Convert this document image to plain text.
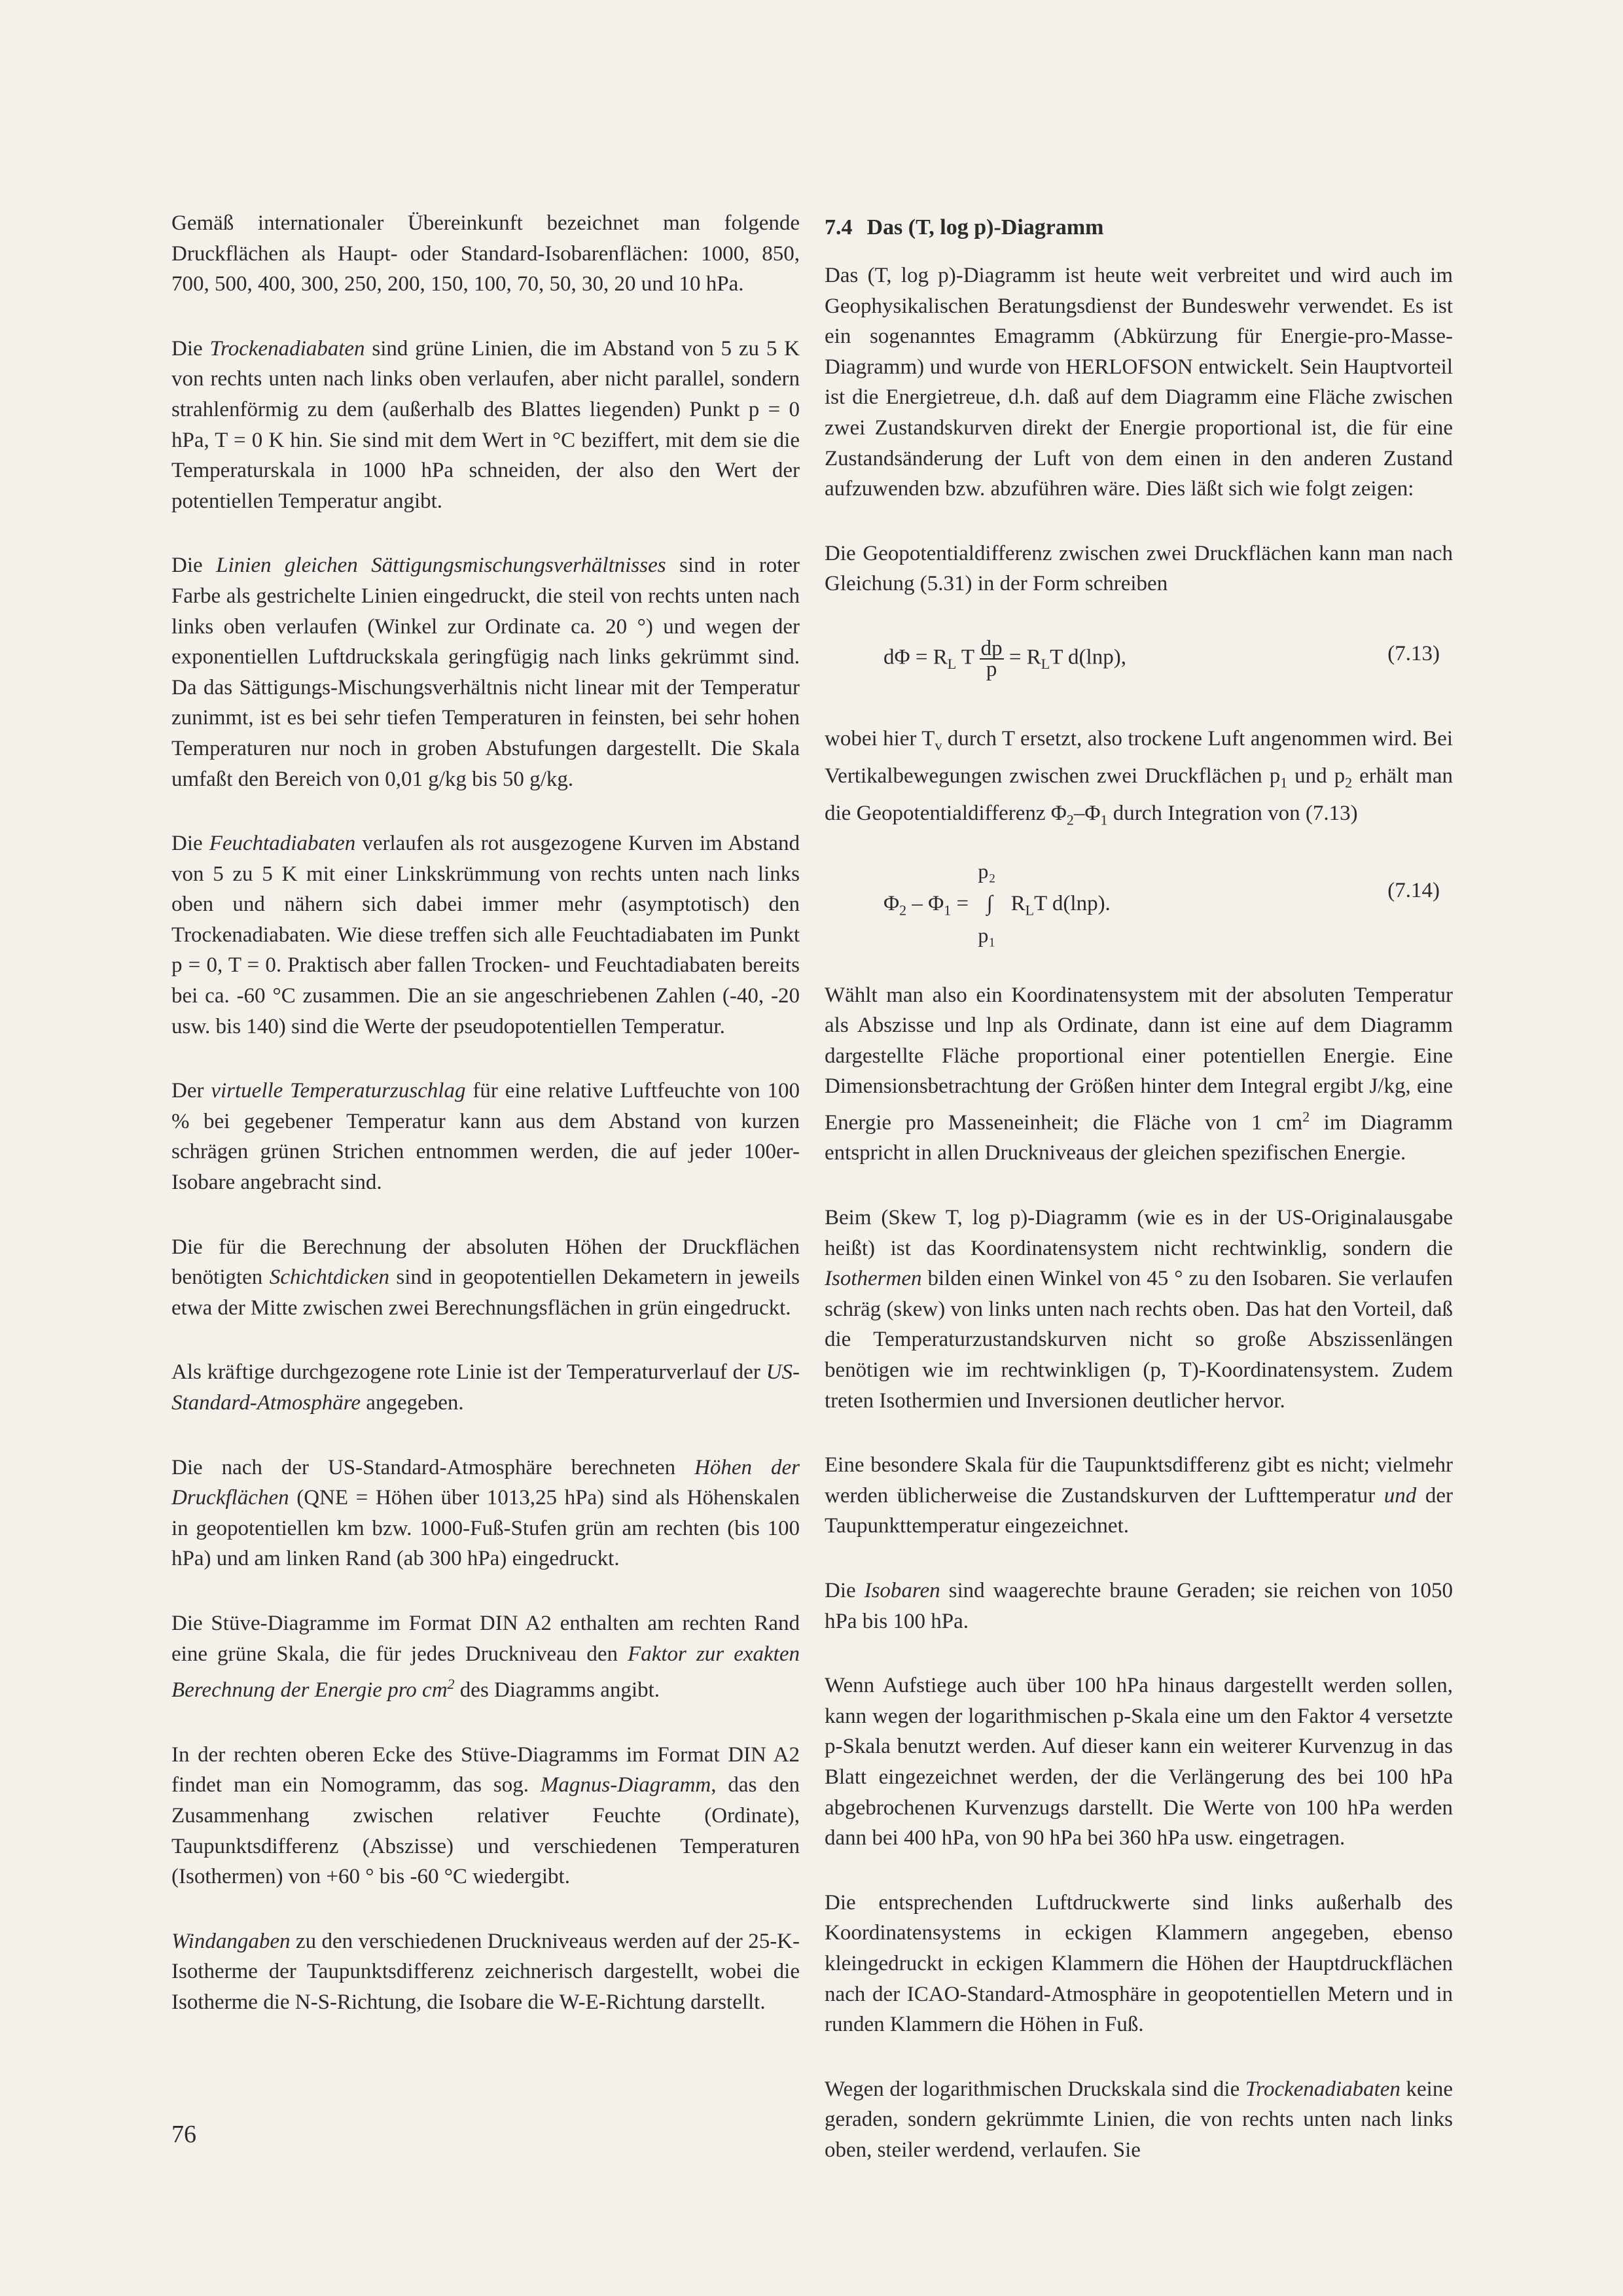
Gemäß internationaler Übereinkunft bezeichnet man folgende Druckflächen als Haupt- oder Standard-Isobarenflächen: 1000, 850, 700, 500, 400, 300, 250, 200, 150, 100, 70, 50, 30, 20 und 10 hPa.

Die Trockenadiabaten sind grüne Linien, die im Abstand von 5 zu 5 K von rechts unten nach links oben verlaufen, aber nicht parallel, sondern strahlenförmig zu dem (außerhalb des Blattes liegenden) Punkt p = 0 hPa, T = 0 K hin. Sie sind mit dem Wert in °C beziffert, mit dem sie die Temperaturskala in 1000 hPa schneiden, der also den Wert der potentiellen Temperatur angibt.

Die Linien gleichen Sättigungsmischungsverhältnisses sind in roter Farbe als gestrichelte Linien eingedruckt, die steil von rechts unten nach links oben verlaufen (Winkel zur Ordinate ca. 20 °) und wegen der exponentiellen Luftdruckskala geringfügig nach links gekrümmt sind. Da das Sättigungs-Mischungsverhältnis nicht linear mit der Temperatur zunimmt, ist es bei sehr tiefen Temperaturen in feinsten, bei sehr hohen Temperaturen nur noch in groben Abstufungen dargestellt. Die Skala umfaßt den Bereich von 0,01 g/kg bis 50 g/kg.

Die Feuchtadiabaten verlaufen als rot ausgezogene Kurven im Abstand von 5 zu 5 K mit einer Linkskrümmung von rechts unten nach links oben und nähern sich dabei immer mehr (asymptotisch) den Trockenadiabaten. Wie diese treffen sich alle Feuchtadiabaten im Punkt p = 0, T = 0. Praktisch aber fallen Trocken- und Feuchtadiabaten bereits bei ca. -60 °C zusammen. Die an sie angeschriebenen Zahlen (-40, -20 usw. bis 140) sind die Werte der pseudopotentiellen Temperatur.

Der virtuelle Temperaturzuschlag für eine relative Luftfeuchte von 100 % bei gegebener Temperatur kann aus dem Abstand von kurzen schrägen grünen Strichen entnommen werden, die auf jeder 100er-Isobare angebracht sind.

Die für die Berechnung der absoluten Höhen der Druckflächen benötigten Schichtdicken sind in geopotentiellen Dekametern in jeweils etwa der Mitte zwischen zwei Berechnungsflächen in grün eingedruckt.

Als kräftige durchgezogene rote Linie ist der Temperaturverlauf der US-Standard-Atmosphäre angegeben.

Die nach der US-Standard-Atmosphäre berechneten Höhen der Druckflächen (QNE = Höhen über 1013,25 hPa) sind als Höhenskalen in geopotentiellen km bzw. 1000-Fuß-Stufen grün am rechten (bis 100 hPa) und am linken Rand (ab 300 hPa) eingedruckt.

Die Stüve-Diagramme im Format DIN A2 enthalten am rechten Rand eine grüne Skala, die für jedes Druckniveau den Faktor zur exakten Berechnung der Energie pro $cm^2$ des Diagramms angibt.

In der rechten oberen Ecke des Stüve-Diagramms im Format DIN A2 findet man ein Nomogramm, das sog. Magnus-Diagramm, das den Zusammenhang zwischen relativer Feuchte (Ordinate), Taupunktsdifferenz (Abszisse) und verschiedenen Temperaturen (Isothermen) von +60 ° bis -60 °C wiedergibt.

Windangaben zu den verschiedenen Druckniveaus werden auf der 25-K-Isotherme der Taupunktsdifferenz zeichnerisch dargestellt, wobei die Isotherme die N-S-Richtung, die Isobare die W-E-Richtung darstellt.

7.4 Das (T, log p)-Diagramm

Das (T, log p)-Diagramm ist heute weit verbreitet und wird auch im Geophysikalischen Beratungsdienst der Bundeswehr verwendet. Es ist ein sogenanntes Emagramm (Abkürzung für Energie-pro-Masse-Diagramm) und wurde von HERLOFSON entwickelt. Sein Hauptvorteil ist die Energietreue, d.h. daß auf dem Diagramm eine Fläche zwischen zwei Zustandskurven direkt der Energie proportional ist, die für eine Zustandsänderung der Luft von dem einen in den anderen Zustand aufzuwenden bzw. abzuführen wäre. Dies läßt sich wie folgt zeigen:

Die Geopotentialdifferenz zwischen zwei Druckflächen kann man nach Gleichung (5.31) in der Form schreiben

$d\Phi = R_L$ T $\frac{dp}{p} = R_LT$ d(lnp),	(7.13)

wobei hier $T_v$ durch T ersetzt, also trockene Luft angenommen wird. Bei Vertikalbewegungen zwischen zwei Druckflächen $p_1$ und $p_2$ erhält man die Geopotentialdifferenz $\Phi_2-\Phi_1$ durch Integration von (7.13)

$\Phi_2 - \Phi_1$ =
p₂
∫
p₁
$R_LT$ d(lnp).
(7.14)

Wählt man also ein Koordinatensystem mit der absoluten Temperatur als Abszisse und lnp als Ordinate, dann ist eine auf dem Diagramm dargestellte Fläche proportional einer potentiellen Energie. Eine Dimensionsbetrachtung der Größen hinter dem Integral ergibt J/kg, eine Energie pro Masseneinheit; die Fläche von 1 $cm^2$ im Diagramm entspricht in allen Druckniveaus der gleichen spezifischen Energie.

Beim (Skew T, log p)-Diagramm (wie es in der US-Originalausgabe heißt) ist das Koordinatensystem nicht rechtwinklig, sondern die Isothermen bilden einen Winkel von 45 ° zu den Isobaren. Sie verlaufen schräg (skew) von links unten nach rechts oben. Das hat den Vorteil, daß die Temperaturzustandskurven nicht so große Abszissenlängen benötigen wie im rechtwinkligen (p, T)-Koordinatensystem. Zudem treten Isothermien und Inversionen deutlicher hervor.

Eine besondere Skala für die Taupunktsdifferenz gibt es nicht; vielmehr werden üblicherweise die Zustandskurven der Lufttemperatur und der Taupunkttemperatur eingezeichnet.

Die Isobaren sind waagerechte braune Geraden; sie reichen von 1050 hPa bis 100 hPa.

Wenn Aufstiege auch über 100 hPa hinaus dargestellt werden sollen, kann wegen der logarithmischen p-Skala eine um den Faktor 4 versetzte p-Skala benutzt werden. Auf dieser kann ein weiterer Kurvenzug in das Blatt eingezeichnet werden, der die Verlängerung des bei 100 hPa abgebrochenen Kurvenzugs darstellt. Die Werte von 100 hPa werden dann bei 400 hPa, von 90 hPa bei 360 hPa usw. eingetragen.

Die entsprechenden Luftdruckwerte sind links außerhalb des Koordinatensystems in eckigen Klammern angegeben, ebenso kleingedruckt in eckigen Klammern die Höhen der Hauptdruckflächen nach der ICAO-Standard-Atmosphäre in geopotentiellen Metern und in runden Klammern die Höhen in Fuß.

Wegen der logarithmischen Druckskala sind die Trockenadiabaten keine geraden, sondern gekrümmte Linien, die von rechts unten nach links oben, steiler werdend, verlaufen. Sie

76
